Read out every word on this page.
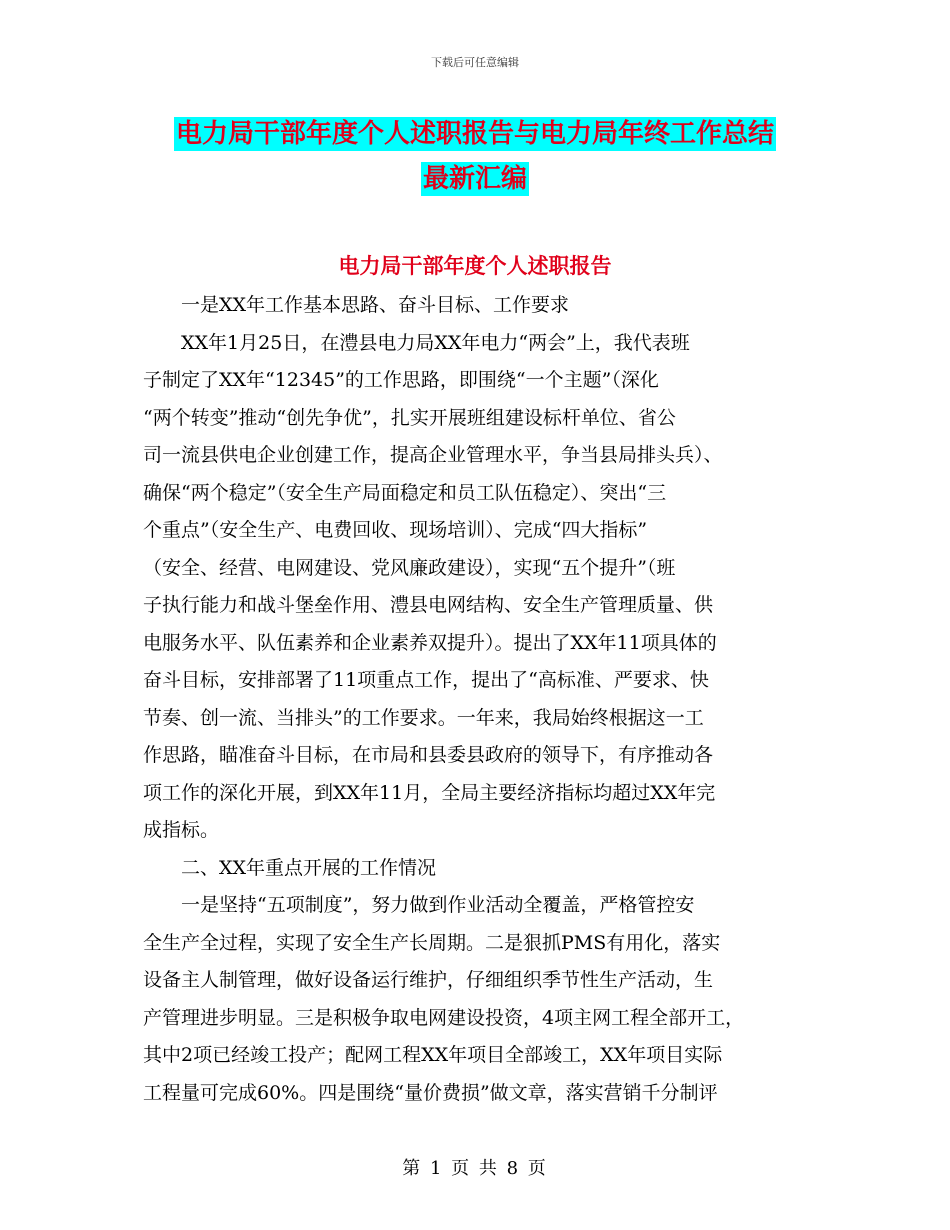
下载后可任意编辑
电力局干部年度个人述职报告与电力局年终工作总结
最新汇编
电力局干部年度个人述职报告
一是XX年工作基本思路、奋斗目标、工作要求
XX年1月25日，在澧县电力局XX年电力“两会”上，我代表班
子制定了XX年“12345”的工作思路，即围绕“一个主题”（深化
“两个转变”推动“创先争优”，扎实开展班组建设标杆单位、省公
司一流县供电企业创建工作，提高企业管理水平，争当县局排头兵）、
确保“两个稳定”（安全生产局面稳定和员工队伍稳定）、突出“三
个重点”（安全生产、电费回收、现场培训）、完成“四大指标”
（安全、经营、电网建设、党风廉政建设），实现“五个提升”（班
子执行能力和战斗堡垒作用、澧县电网结构、安全生产管理质量、供
电服务水平、队伍素养和企业素养双提升）。提出了XX年11项具体的
奋斗目标，安排部署了11项重点工作，提出了“高标准、严要求、快
节奏、创一流、当排头”的工作要求。一年来，我局始终根据这一工
作思路，瞄准奋斗目标，在市局和县委县政府的领导下，有序推动各
项工作的深化开展，到XX年11月，全局主要经济指标均超过XX年完
成指标。
二、XX年重点开展的工作情况
一是坚持“五项制度”，努力做到作业活动全覆盖，严格管控安
全生产全过程，实现了安全生产长周期。二是狠抓PMS有用化，落实
设备主人制管理，做好设备运行维护，仔细组织季节性生产活动，生
产管理进步明显。三是积极争取电网建设投资，4项主网工程全部开工，
其中2项已经竣工投产；配网工程XX年项目全部竣工，XX年项目实际
工程量可完成60%。四是围绕“量价费损”做文章，落实营销千分制评
第 1 页 共 8 页
